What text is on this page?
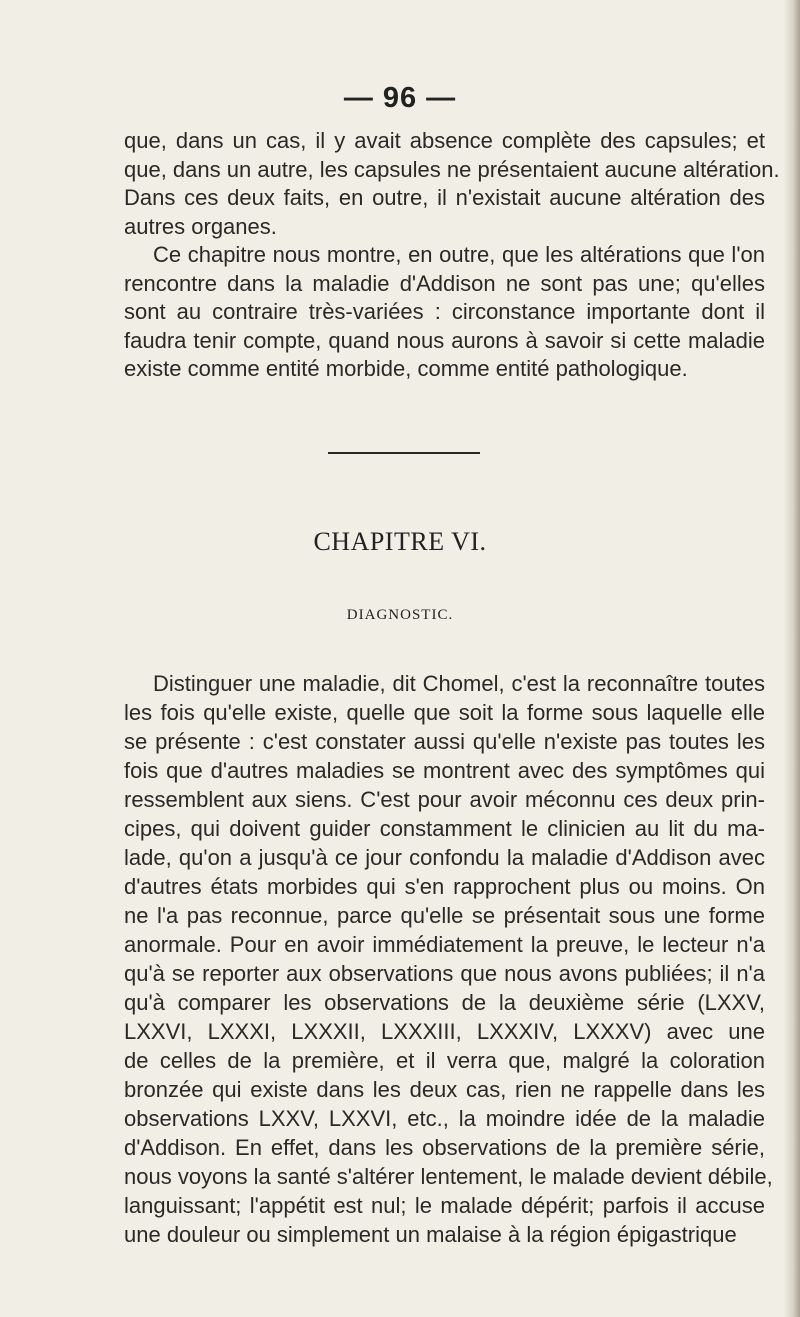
— 96 —
que, dans un cas, il y avait absence complète des capsules; et
que, dans un autre, les capsules ne présentaient aucune altération.
Dans ces deux faits, en outre, il n'existait aucune altération des
autres organes.
Ce chapitre nous montre, en outre, que les altérations que l'on
rencontre dans la maladie d'Addison ne sont pas une; qu'elles
sont au contraire très-variées : circonstance importante dont il
faudra tenir compte, quand nous aurons à savoir si cette maladie
existe comme entité morbide, comme entité pathologique.
CHAPITRE VI.
DIAGNOSTIC.
Distinguer une maladie, dit Chomel, c'est la reconnaître toutes
les fois qu'elle existe, quelle que soit la forme sous laquelle elle
se présente : c'est constater aussi qu'elle n'existe pas toutes les
fois que d'autres maladies se montrent avec des symptômes qui
ressemblent aux siens. C'est pour avoir méconnu ces deux prin-
cipes, qui doivent guider constamment le clinicien au lit du ma-
lade, qu'on a jusqu'à ce jour confondu la maladie d'Addison avec
d'autres états morbides qui s'en rapprochent plus ou moins. On
ne l'a pas reconnue, parce qu'elle se présentait sous une forme
anormale. Pour en avoir immédiatement la preuve, le lecteur n'a
qu'à se reporter aux observations que nous avons publiées; il n'a
qu'à comparer les observations de la deuxième série (LXXV,
LXXVI, LXXXI, LXXXII, LXXXIII, LXXXIV, LXXXV) avec une
de celles de la première, et il verra que, malgré la coloration
bronzée qui existe dans les deux cas, rien ne rappelle dans les
observations LXXV, LXXVI, etc., la moindre idée de la maladie
d'Addison. En effet, dans les observations de la première série,
nous voyons la santé s'altérer lentement, le malade devient débile,
languissant; l'appétit est nul; le malade dépérit; parfois il accuse
une douleur ou simplement un malaise à la région épigastrique
